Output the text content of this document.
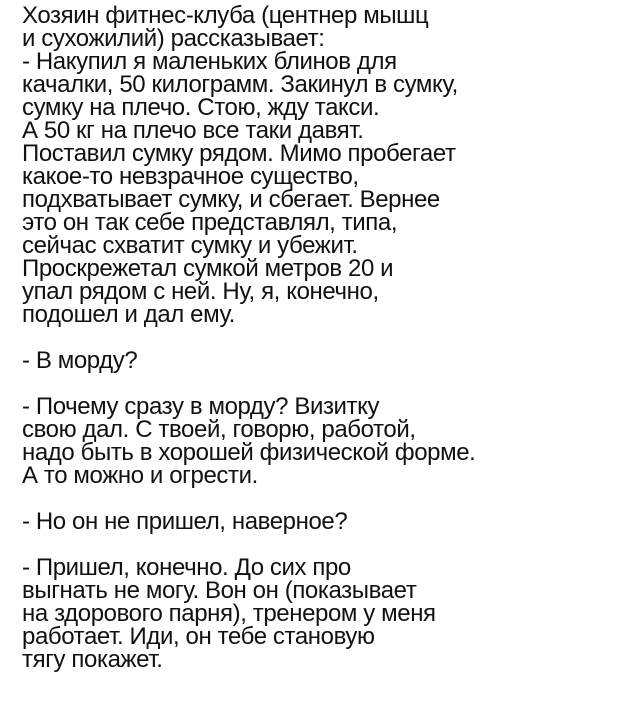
Хозяин фитнес-клуба (центнер мышц
и сухожилий) рассказывает:
- Накупил я маленьких блинов для
качалки, 50 килограмм. Закинул в сумку,
сумку на плечо. Стою, жду такси.
А 50 кг на плечо все таки давят.
Поставил сумку рядом. Мимо пробегает
какое-то невзрачное существо,
подхватывает сумку, и сбегает. Вернее
это он так себе представлял, типа,
сейчас схватит сумку и убежит.
Проскрежетал сумкой метров 20 и
упал рядом с ней. Ну, я, конечно,
подошел и дал ему.
- В морду?
- Почему сразу в морду? Визитку
свою дал. С твоей, говорю, работой,
надо быть в хорошей физической форме.
А то можно и огрести.
- Но он не пришел, наверное?
- Пришел, конечно. До сих про
выгнать не могу. Вон он (показывает
на здорового парня), тренером у меня
работает. Иди, он тебе становую
тягу покажет.
